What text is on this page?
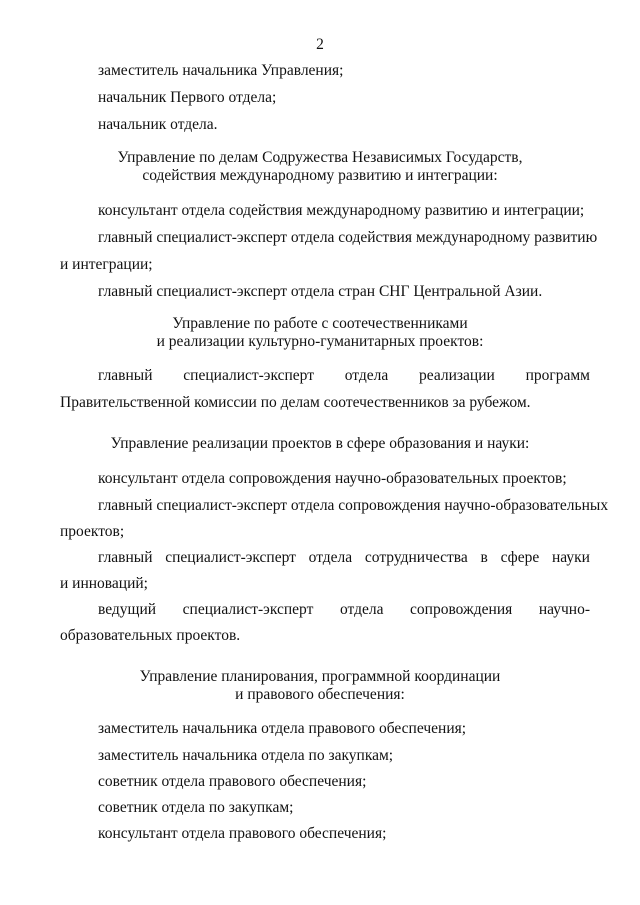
2
заместитель начальника Управления;
начальник Первого отдела;
начальник отдела.
Управление по делам Содружества Независимых Государств,
содействия международному развитию и интеграции:
консультант отдела содействия международному развитию и интеграции;
главный специалист-эксперт отдела содействия международному развитию
и интеграции;
главный специалист-эксперт отдела стран СНГ Центральной Азии.
Управление по работе с соотечественниками
и реализации культурно-гуманитарных проектов:
главный специалист-эксперт отдела реализации программ
Правительственной комиссии по делам соотечественников за рубежом.
Управление реализации проектов в сфере образования и науки:
консультант отдела сопровождения научно-образовательных проектов;
главный специалист-эксперт отдела сопровождения научно-образовательных
проектов;
главный специалист-эксперт отдела сотрудничества в сфере науки
и инноваций;
ведущий специалист-эксперт отдела сопровождения научно-
образовательных проектов.
Управление планирования, программной координации
и правового обеспечения:
заместитель начальника отдела правового обеспечения;
заместитель начальника отдела по закупкам;
советник отдела правового обеспечения;
советник отдела по закупкам;
консультант отдела правового обеспечения;
